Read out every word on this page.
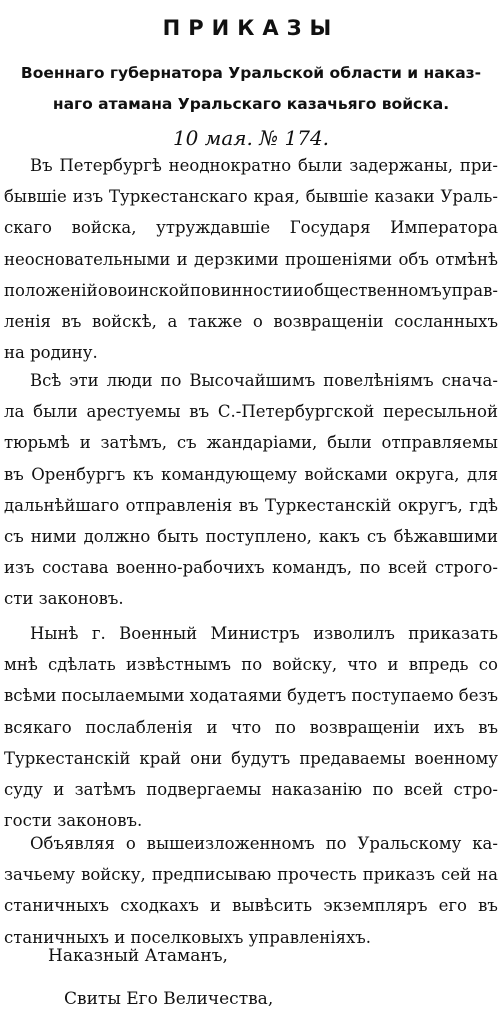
ПРИКАЗЫ
Военнаго губернатора Уральской области и наказ-
наго атамана Уральскаго казачьяго войска.
10 мая. № 174.
Въ Петербургѣ неоднократно были задержаны, при-
бывшіе изъ Туркестанскаго края, бывшіе казаки Ураль-
скаго войска, утруждавшіе Государя Императора
неосновательными и дерзкими прошеніями объ отмѣнѣ
положеній о воинской повинности и общественномъ управ-
ленія въ войскѣ, а также о возвращеніи сосланныхъ
на родину.
Всѣ эти люди по Высочайшимъ повелѣніямъ снача-
ла были арестуемы въ С.-Петербургской пересыльной
тюрьмѣ и затѣмъ, съ жандаріами, были отправляемы
въ Оренбургъ къ командующему войсками округа, для
дальнѣйшаго отправленія въ Туркестанскій округъ, гдѣ
съ ними должно быть поступлено, какъ съ бѣжавшими
изъ состава военно-рабочихъ командъ, по всей строго-
сти законовъ.
Нынѣ г. Военный Министръ изволилъ приказать
мнѣ сдѣлать извѣстнымъ по войску, что и впредь со
всѣми посылаемыми ходатаями будетъ поступаемо безъ
всякаго послабленія и что по возвращеніи ихъ въ
Туркестанскій край они будутъ предаваемы военному
суду и затѣмъ подвергаемы наказанію по всей стро-
гости законовъ.
Объявляя о вышеизложенномъ по Уральскому ка-
зачьему войску, предписываю прочесть приказъ сей на
станичныхъ сходкахъ и вывѣсить экземпляръ его въ
станичныхъ и поселковыхъ управленіяхъ.
Наказный Атаманъ,
Свиты Его Величества,
